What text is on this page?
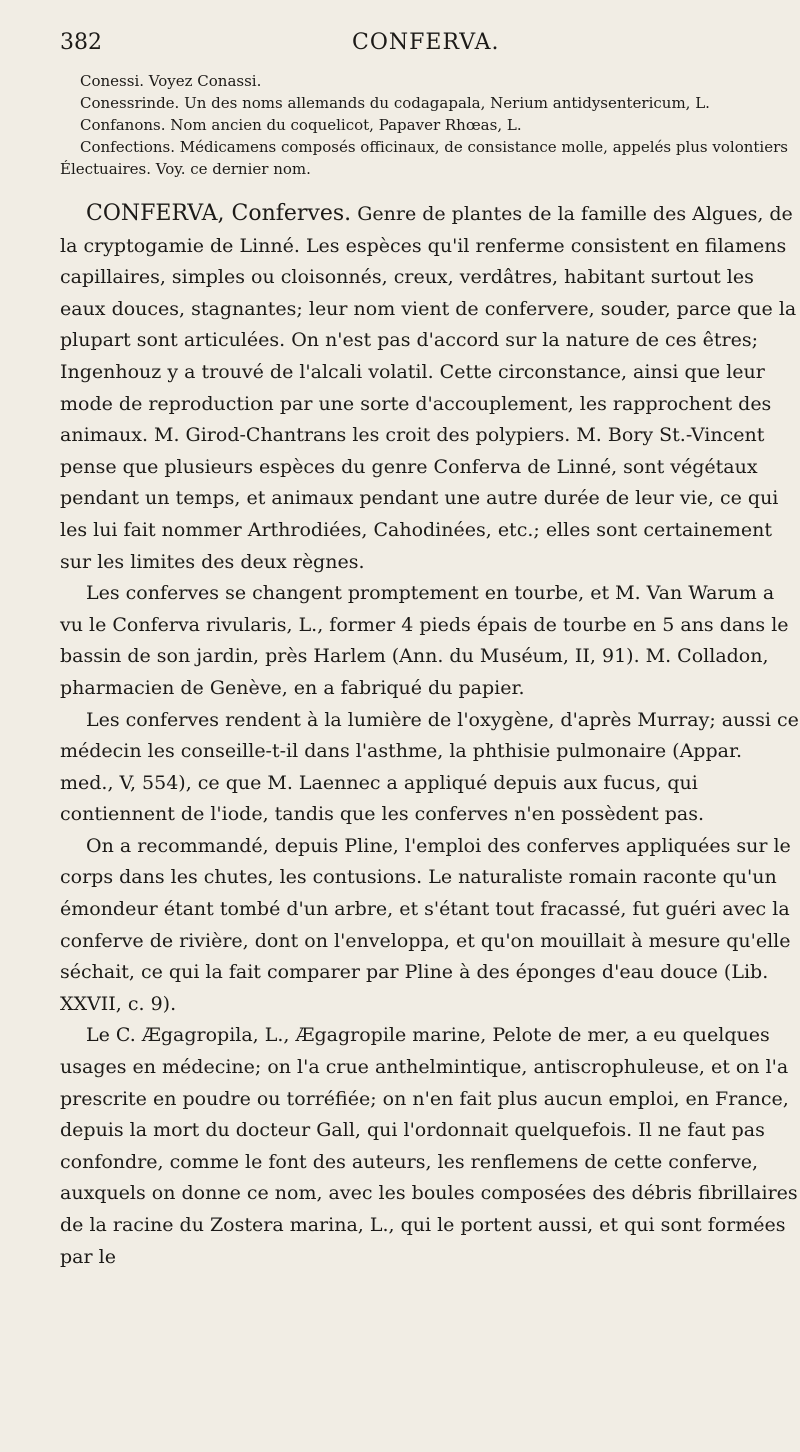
382	CONFERVA.

Conessi. Voyez Conassi.

Conessrinde. Un des noms allemands du codagapala, Nerium antidysentericum, L.

Confanons. Nom ancien du coquelicot, Papaver Rhœas, L.

Confections. Médicamens composés officinaux, de consistance molle, appelés plus volontiers Électuaires. Voy. ce dernier nom.

CONFERVA, Conferves. Genre de plantes de la famille des Algues, de la cryptogamie de Linné. Les espèces qu'il renferme consistent en filamens capillaires, simples ou cloisonnés, creux, verdâtres, habitant surtout les eaux douces, stagnantes; leur nom vient de confervere, souder, parce que la plupart sont articulées. On n'est pas d'accord sur la nature de ces êtres; Ingenhouz y a trouvé de l'alcali volatil. Cette circonstance, ainsi que leur mode de reproduction par une sorte d'accouplement, les rapprochent des animaux. M. Girod-Chantrans les croit des polypiers. M. Bory St.-Vincent pense que plusieurs espèces du genre Conferva de Linné, sont végétaux pendant un temps, et animaux pendant une autre durée de leur vie, ce qui les lui fait nommer Arthrodiées, Cahodinées, etc.; elles sont certainement sur les limites des deux règnes.

Les conferves se changent promptement en tourbe, et M. Van Warum a vu le Conferva rivularis, L., former 4 pieds épais de tourbe en 5 ans dans le bassin de son jardin, près Harlem (Ann. du Muséum, II, 91). M. Colladon, pharmacien de Genève, en a fabriqué du papier.

Les conferves rendent à la lumière de l'oxygène, d'après Murray; aussi ce médecin les conseille-t-il dans l'asthme, la phthisie pulmonaire (Appar. med., V, 554), ce que M. Laennec a appliqué depuis aux fucus, qui contiennent de l'iode, tandis que les conferves n'en possèdent pas.

On a recommandé, depuis Pline, l'emploi des conferves appliquées sur le corps dans les chutes, les contusions. Le naturaliste romain raconte qu'un émondeur étant tombé d'un arbre, et s'étant tout fracassé, fut guéri avec la conferve de rivière, dont on l'enveloppa, et qu'on mouillait à mesure qu'elle séchait, ce qui la fait comparer par Pline à des éponges d'eau douce (Lib. XXVII, c. 9).

Le C. Ægagropila, L., Ægagropile marine, Pelote de mer, a eu quelques usages en médecine; on l'a crue anthelmintique, antiscrophuleuse, et on l'a prescrite en poudre ou torréfiée; on n'en fait plus aucun emploi, en France, depuis la mort du docteur Gall, qui l'ordonnait quelquefois. Il ne faut pas confondre, comme le font des auteurs, les renflemens de cette conferve, auxquels on donne ce nom, avec les boules composées des débris fibrillaires de la racine du Zostera marina, L., qui le portent aussi, et qui sont formées par le
